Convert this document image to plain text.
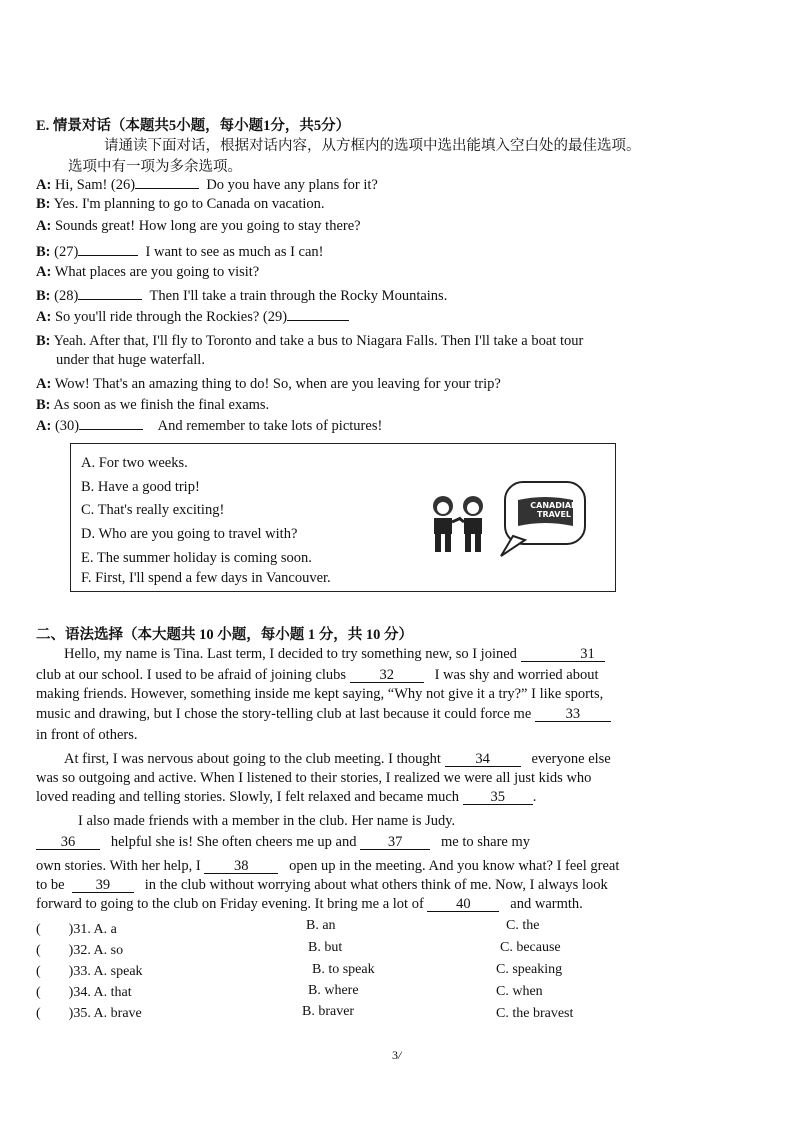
E. 情景对话（本题共5小题，每小题1分，共5分）
请通读下面对话，根据对话内容，从方框内的选项中选出能填入空白处的最佳选项。
选项中有一项为多余选项。
A: Hi, Sam! (26)	Do you have any plans for it?
B: Yes. I'm planning to go to Canada on vacation.
A: Sounds great! How long are you going to stay there?
B: (27)	I want to see as much as I can!
A: What places are you going to visit?
B: (28)	Then I'll take a train through the Rocky Mountains.
A: So you'll ride through the Rockies? (29)
B: Yeah. After that, I'll fly to Toronto and take a bus to Niagara Falls. Then I'll take a boat tour
under that huge waterfall.
A: Wow! That's an amazing thing to do! So, when are you leaving for your trip?
B: As soon as we finish the final exams.
A: (30)	And remember to take lots of pictures!
A. For two weeks.
B. Have a good trip!
C. That's really exciting!
D. Who are you going to travel with?
E. The summer holiday is coming soon.
F. First, I'll spend a few days in Vancouver.
CANADIAN TRAVEL
二、语法选择（本大题共 10 小题，每小题 1 分，共 10 分）
Hello, my name is Tina. Last term, I decided to try something new, so I joined	31
club at our school. I used to be afraid of joining clubs 32	I was shy and worried about
making friends. However, something inside me kept saying, “Why not give it a try?” I like sports,
music and drawing, but I chose the story-telling club at last because it could force me 33
in front of others.
At first, I was nervous about going to the club meeting. I thought 34	everyone else
was so outgoing and active. When I listened to their stories, I realized we were all just kids who
loved reading and telling stories. Slowly, I felt relaxed and became much 35 .
I also made friends with a member in the club. Her name is Judy.
36 helpful she is! She often cheers me up and 37	me to share my
own stories. With her help, I 38	open up in the meeting. And you know what? I feel great
to be 39 in the club without worrying about what others think of me. Now, I always look
forward to going to the club on Friday evening. It bring me a lot of 40	and warmth.
(　　)31. A. a	B. an	C. the
(　　)32. A. so	B. but	C. because
(　　)33. A. speak	B. to speak	C. speaking
(　　)34. A. that	B. where	C. when
(　　)35. A. brave	B. braver	C. the bravest
3/
